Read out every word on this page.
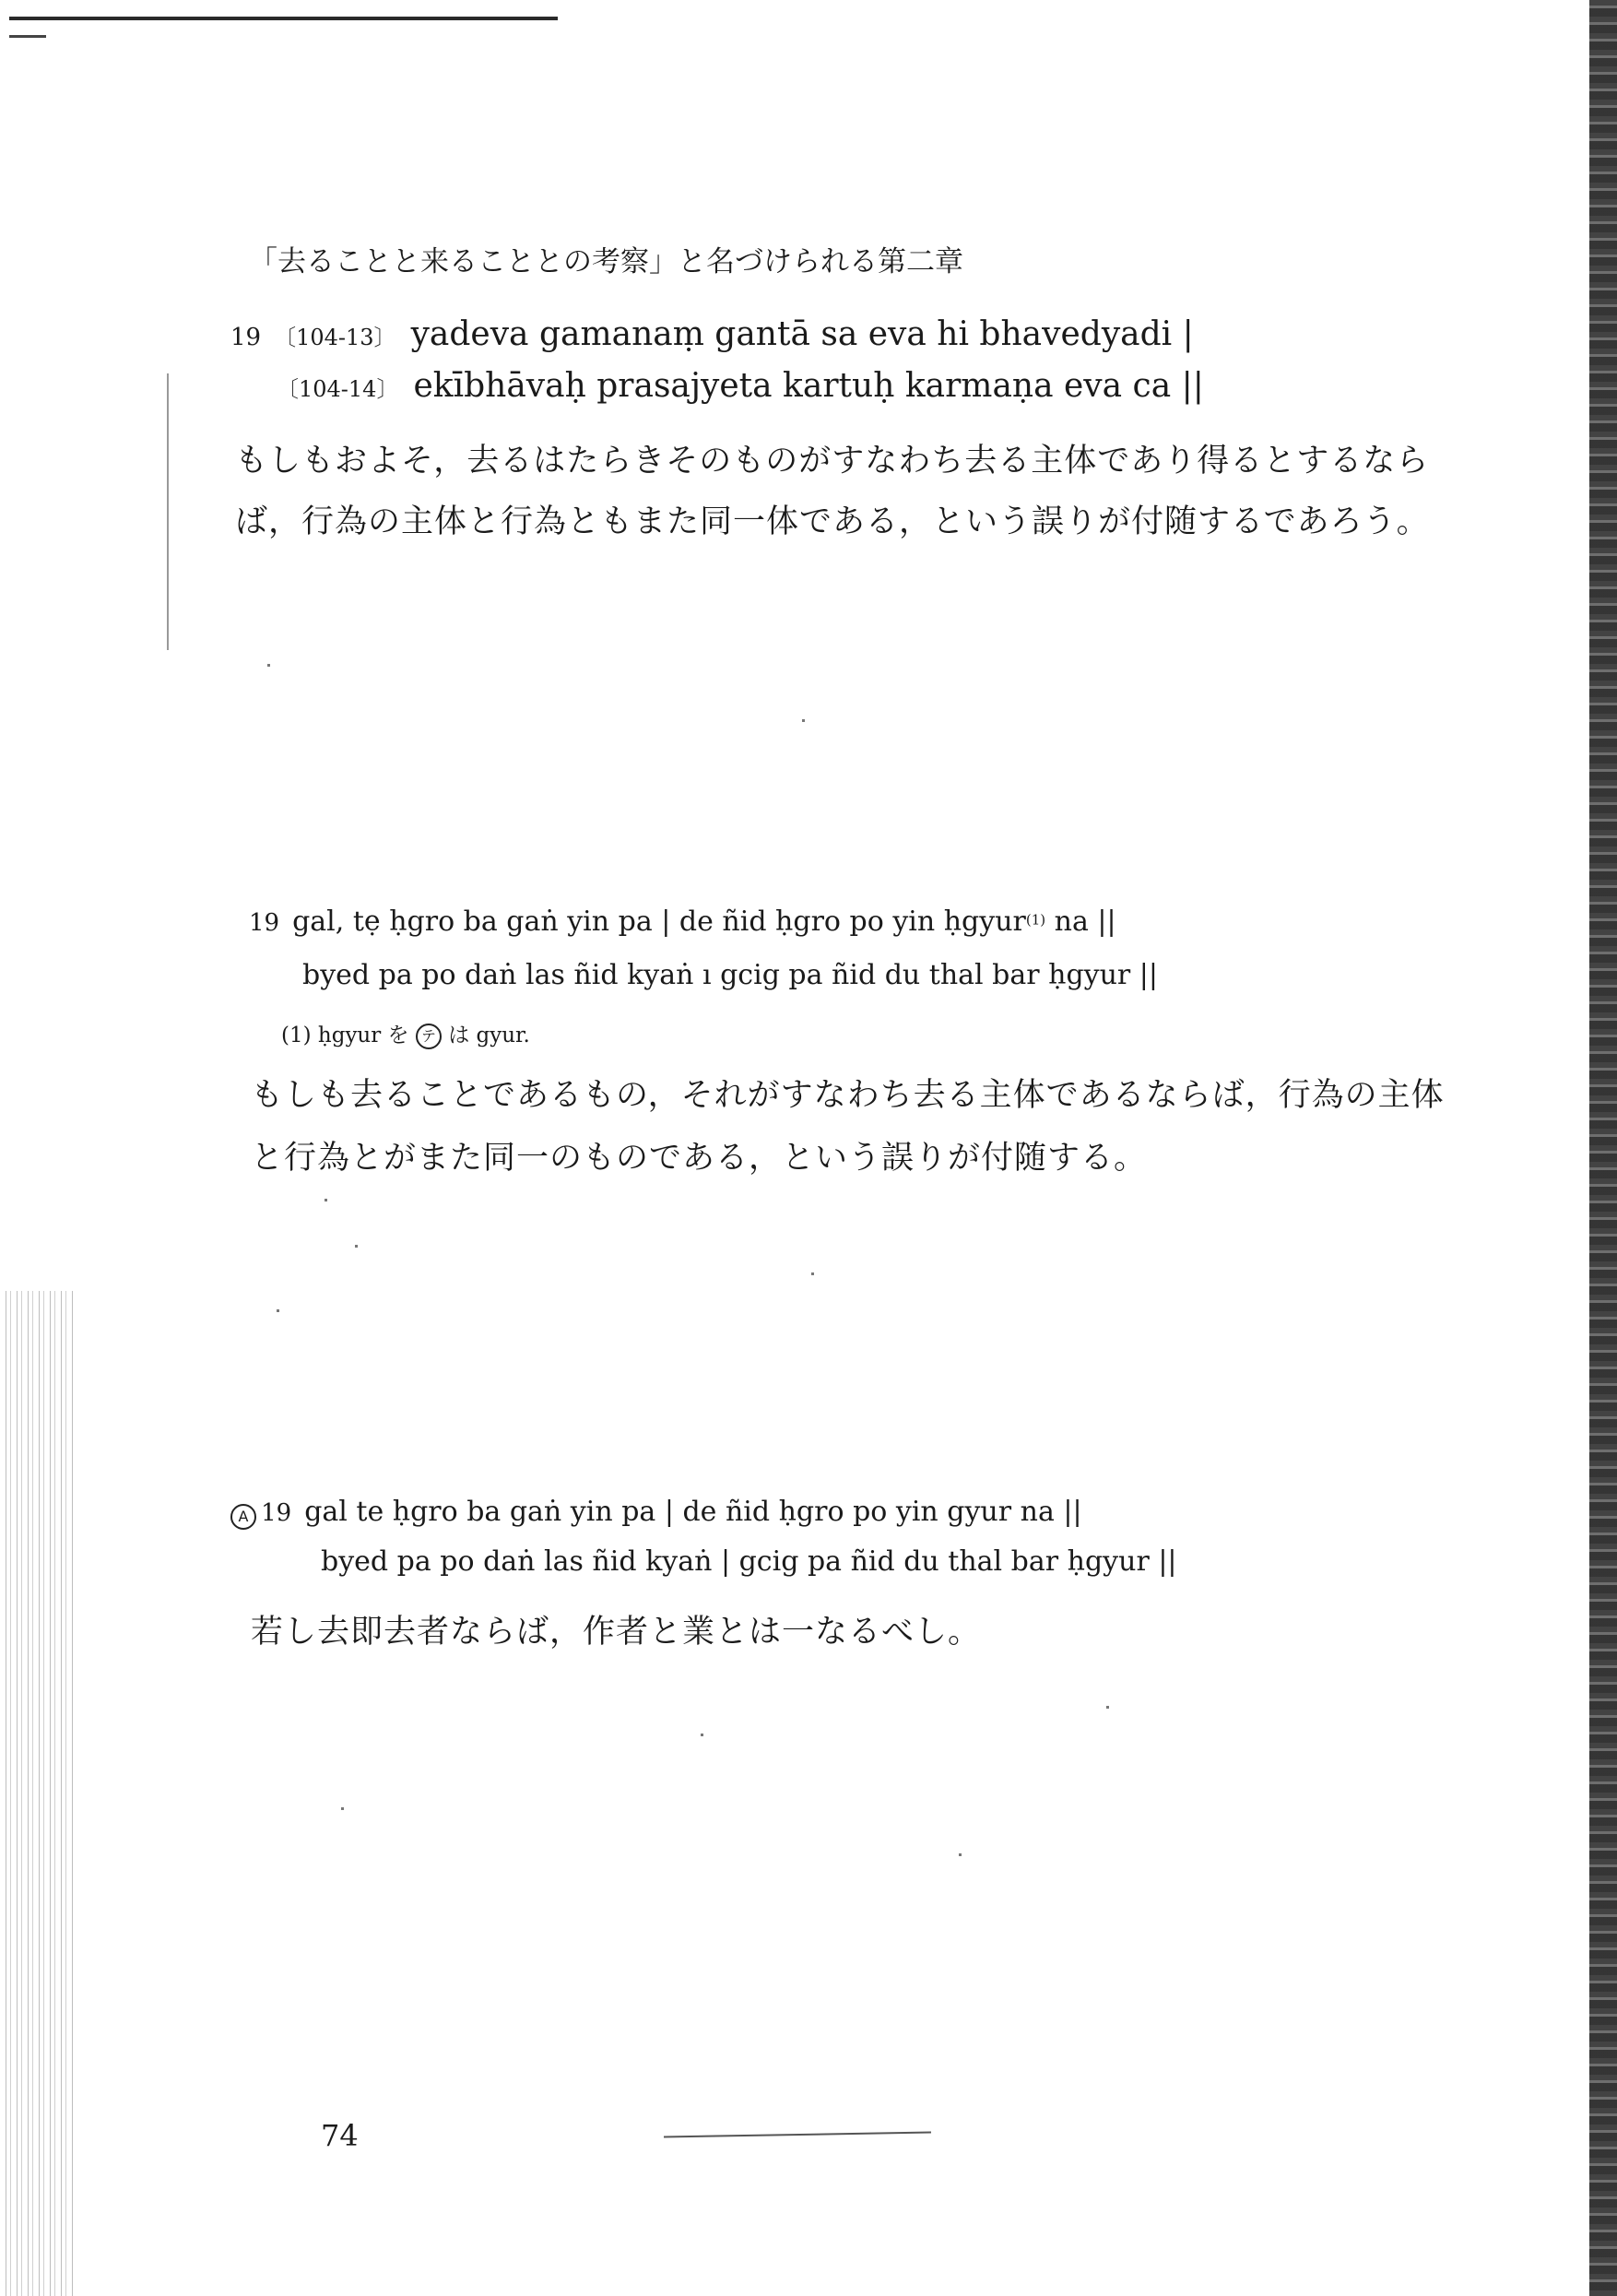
「去ることと来ることとの考察」と名づけられる第二章
19 〔104-13〕 yadeva gamanaṃ gantā sa eva hi bhavedyadi |
〔104-14〕 ekībhāvaḥ prasajyeta kartuḥ karmaṇa eva ca ||
もしもおよそ，去るはたらきそのものがすなわち去る主体であり得るとするなら
ば，行為の主体と行為ともまた同一体である，という誤りが付随するであろう。
19 gal, tẹ ḥgro ba gaṅ yin pa | de ñid ḥgro po yin ḥgyur(1) na ||
byed pa po daṅ las ñid kyaṅ ı gcig pa ñid du thal bar ḥgyur ||
(1) ḥgyur を テ は gyur.
もしも去ることであるもの，それがすなわち去る主体であるならば，行為の主体
と行為とがまた同一のものである，という誤りが付随する。
A 19 gal te ḥgro ba gaṅ yin pa | de ñid ḥgro po yin gyur na ||
byed pa po daṅ las ñid kyaṅ | gcig pa ñid du thal bar ḥgyur ||
若し去即去者ならば，作者と業とは一なるべし。
74
